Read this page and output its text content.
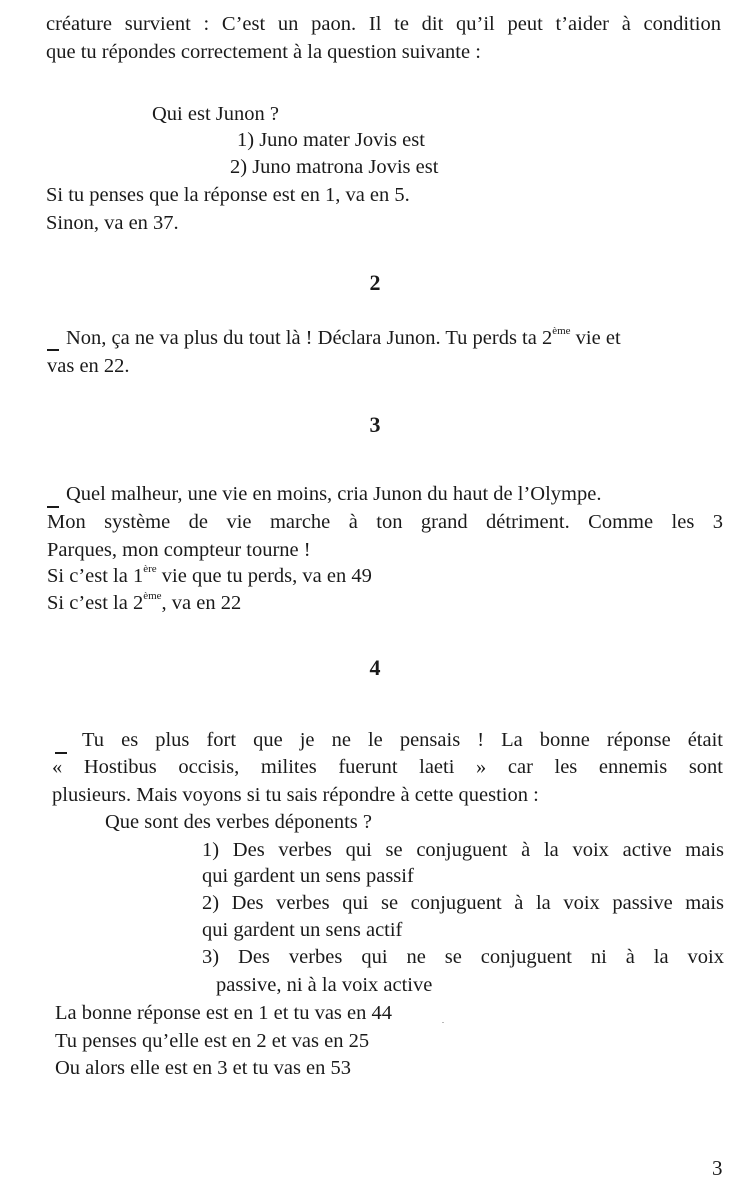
créature survient : C’est un paon. Il te dit qu’il peut t’aider à condition
que tu répondes correctement à la question suivante :
Qui est Junon ?
1) Juno mater Jovis est
2) Juno matrona Jovis est
Si tu penses que la réponse est en 1, va en 5.
Sinon, va en 37.
2
Non, ça ne va plus du tout là ! Déclara Junon. Tu perds ta 2ème vie et
vas en 22.
3
Quel malheur, une vie en moins, cria Junon du haut de l’Olympe.
Mon système de vie marche à ton grand détriment. Comme les 3
Parques, mon compteur tourne !
Si c’est la 1ère vie que tu perds, va en 49
Si c’est la 2ème, va en 22
4
Tu es plus fort que je ne le pensais ! La bonne réponse était
« Hostibus occisis, milites fuerunt laeti » car les ennemis sont
plusieurs. Mais voyons si tu sais répondre à cette question :
Que sont des verbes déponents ?
1) Des verbes qui se conjuguent à la voix active mais
qui gardent un sens passif
2) Des verbes qui se conjuguent à la voix passive mais
qui gardent un sens actif
3) Des verbes qui ne se conjuguent ni à la voix
passive, ni à la voix active
La bonne réponse est en 1 et tu vas en 44
Tu penses qu’elle est en 2 et vas en 25
Ou alors elle est en 3 et tu vas en 53
3
